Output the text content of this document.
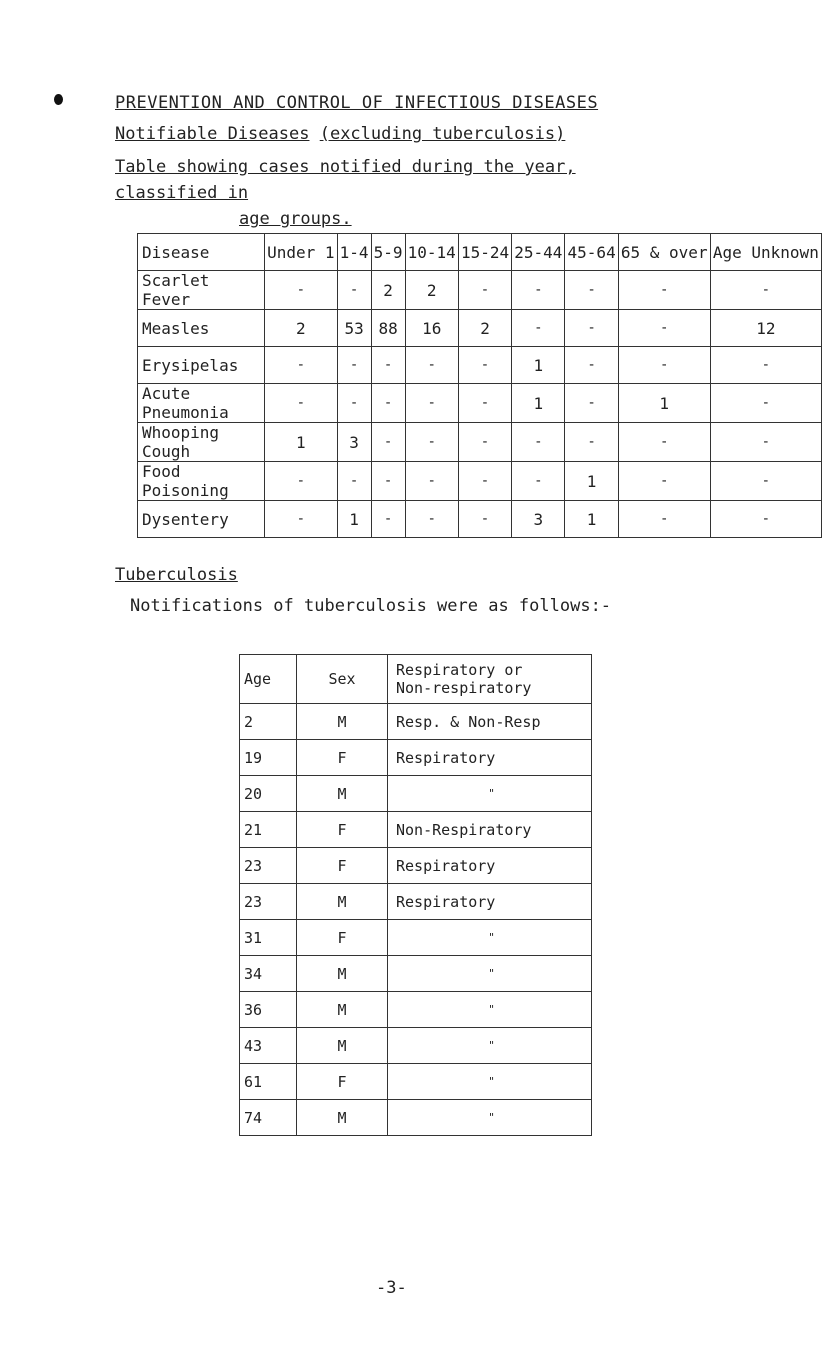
PREVENTION AND CONTROL OF INFECTIOUS DISEASES
Notifiable Diseases (excluding tuberculosis)
Table showing cases notified during the year, classified in
age groups.
Disease	Under 1	1-4	5-9	10-14	15-24	25-44	45-64	65 & over	Age Unknown
Scarlet Fever	-	-	2	2	-	-	-	-	-
Measles	2	53	88	16	2	-	-	-	12
Erysipelas	-	-	-	-	-	1	-	-	-
Acute Pneumonia	-	-	-	-	-	1	-	1	-
Whooping Cough	1	3	-	-	-	-	-	-	-
Food Poisoning	-	-	-	-	-	-	1	-	-
Dysentery	-	1	-	-	-	3	1	-	-
Tuberculosis
Notifications of tuberculosis were as follows:-
Age	Sex	Respiratory or
Non-respiratory
2	M	Resp. & Non-Resp
19	F	Respiratory
20	M	"
21	F	Non-Respiratory
23	F	Respiratory
23	M	Respiratory
31	F	"
34	M	"
36	M	"
43	M	"
61	F	"
74	M	"
-3-
